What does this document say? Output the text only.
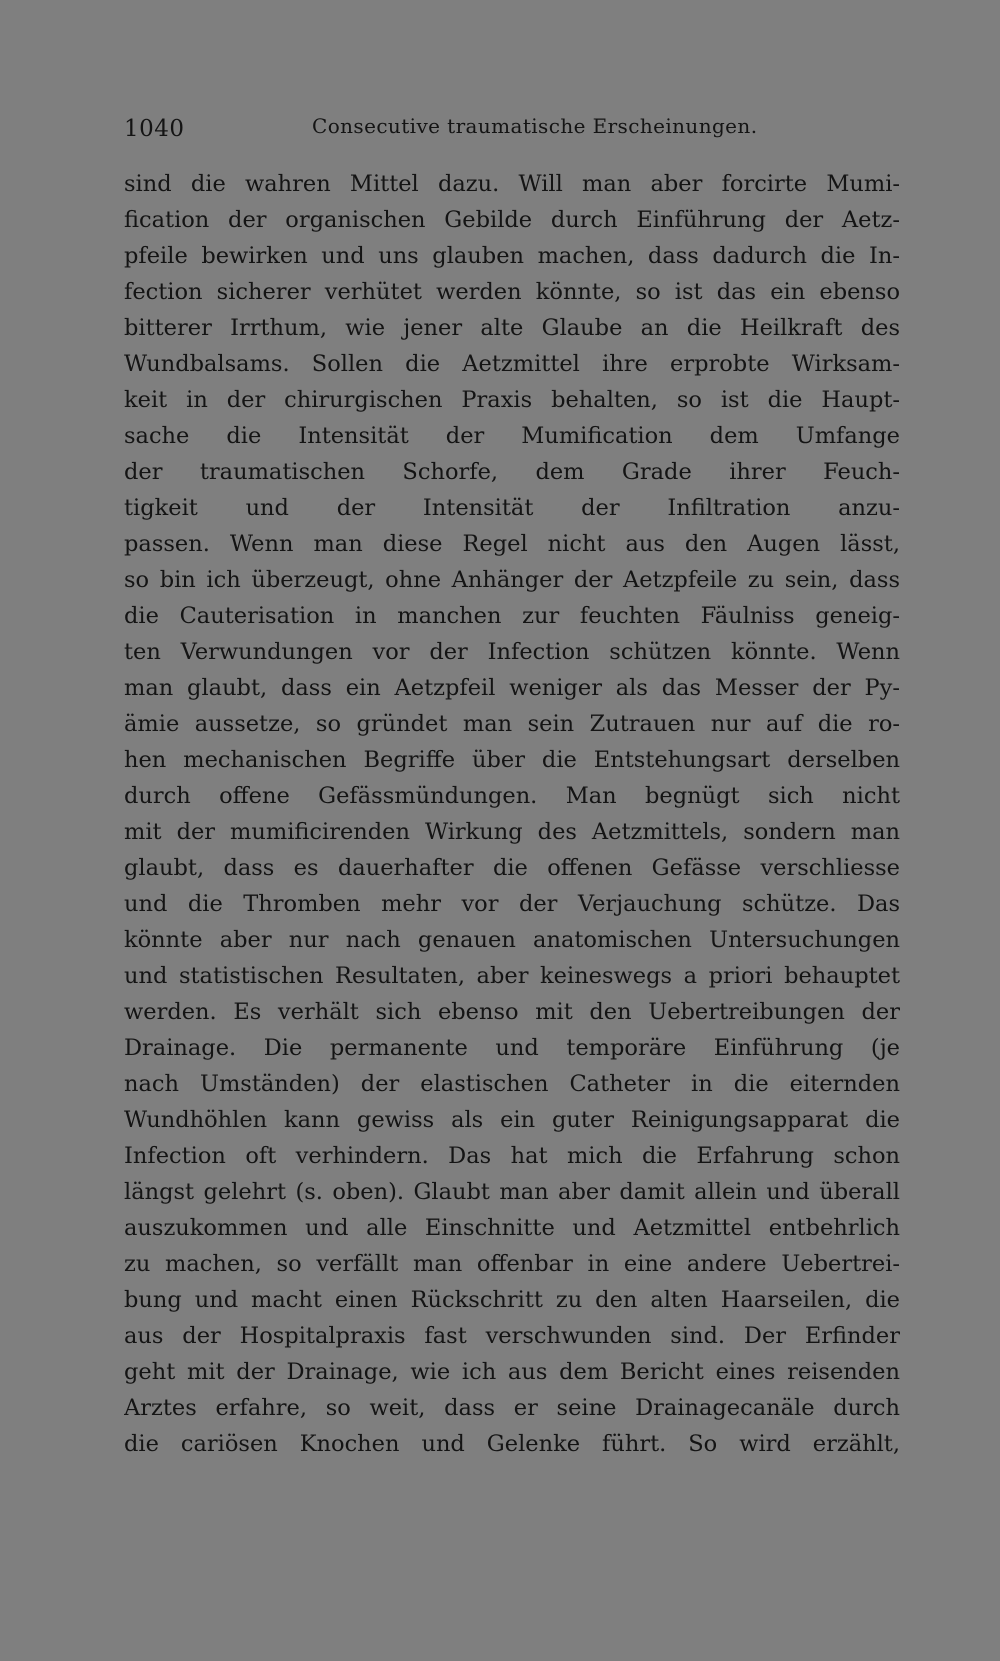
1040	Consecutive traumatische Erscheinungen.
sind die wahren Mittel dazu. Will man aber forcirte Mumi-
fication der organischen Gebilde durch Einführung der Aetz-
pfeile bewirken und uns glauben machen, dass dadurch die In-
fection sicherer verhütet werden könnte, so ist das ein ebenso
bitterer Irrthum, wie jener alte Glaube an die Heilkraft des
Wundbalsams. Sollen die Aetzmittel ihre erprobte Wirksam-
keit in der chirurgischen Praxis behalten, so ist die Haupt-
sache die Intensität der Mumification dem Umfange
der traumatischen Schorfe, dem Grade ihrer Feuch-
tigkeit und der Intensität der Infiltration anzu-
passen. Wenn man diese Regel nicht aus den Augen lässt,
so bin ich überzeugt, ohne Anhänger der Aetzpfeile zu sein, dass
die Cauterisation in manchen zur feuchten Fäulniss geneig-
ten Verwundungen vor der Infection schützen könnte. Wenn
man glaubt, dass ein Aetzpfeil weniger als das Messer der Py-
ämie aussetze, so gründet man sein Zutrauen nur auf die ro-
hen mechanischen Begriffe über die Entstehungsart derselben
durch offene Gefässmündungen. Man begnügt sich nicht
mit der mumificirenden Wirkung des Aetzmittels, sondern man
glaubt, dass es dauerhafter die offenen Gefässe verschliesse
und die Thromben mehr vor der Verjauchung schütze. Das
könnte aber nur nach genauen anatomischen Untersuchungen
und statistischen Resultaten, aber keineswegs a priori behauptet
werden. Es verhält sich ebenso mit den Uebertreibungen der
Drainage. Die permanente und temporäre Einführung (je
nach Umständen) der elastischen Catheter in die eiternden
Wundhöhlen kann gewiss als ein guter Reinigungsapparat die
Infection oft verhindern. Das hat mich die Erfahrung schon
längst gelehrt (s. oben). Glaubt man aber damit allein und überall
auszukommen und alle Einschnitte und Aetzmittel entbehrlich
zu machen, so verfällt man offenbar in eine andere Uebertrei-
bung und macht einen Rückschritt zu den alten Haarseilen, die
aus der Hospitalpraxis fast verschwunden sind. Der Erfinder
geht mit der Drainage, wie ich aus dem Bericht eines reisenden
Arztes erfahre, so weit, dass er seine Drainagecanäle durch
die cariösen Knochen und Gelenke führt. So wird erzählt,
